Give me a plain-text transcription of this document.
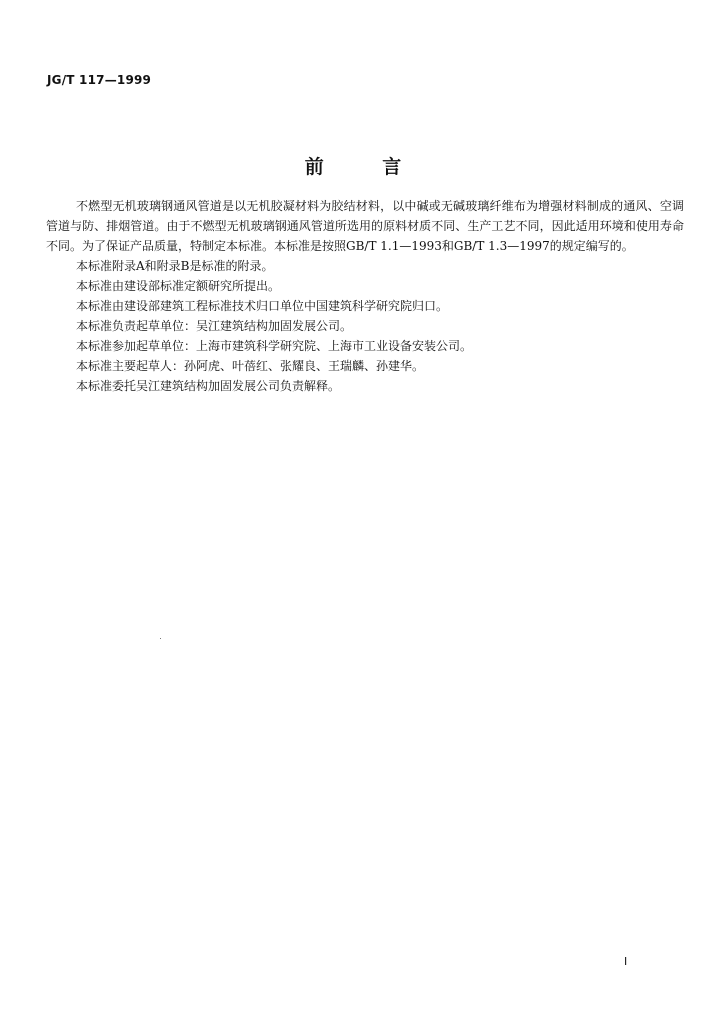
JG/T 117—1999
前 言

不燃型无机玻璃钢通风管道是以无机胶凝材料为胶结材料，以中碱或无碱玻璃纤维布为增强材料制成的通风、空调管道与防、排烟管道。由于不燃型无机玻璃钢通风管道所选用的原料材质不同、生产工艺不同，因此适用环境和使用寿命不同。为了保证产品质量，特制定本标准。本标准是按照GB/T 1.1—1993和GB/T 1.3—1997的规定编写的。

本标准附录A和附录B是标准的附录。

本标准由建设部标准定额研究所提出。

本标准由建设部建筑工程标准技术归口单位中国建筑科学研究院归口。

本标准负责起草单位：吴江建筑结构加固发展公司。

本标准参加起草单位：上海市建筑科学研究院、上海市工业设备安装公司。

本标准主要起草人：孙阿虎、叶蓓红、张耀良、王瑞麟、孙建华。

本标准委托吴江建筑结构加固发展公司负责解释。

I
